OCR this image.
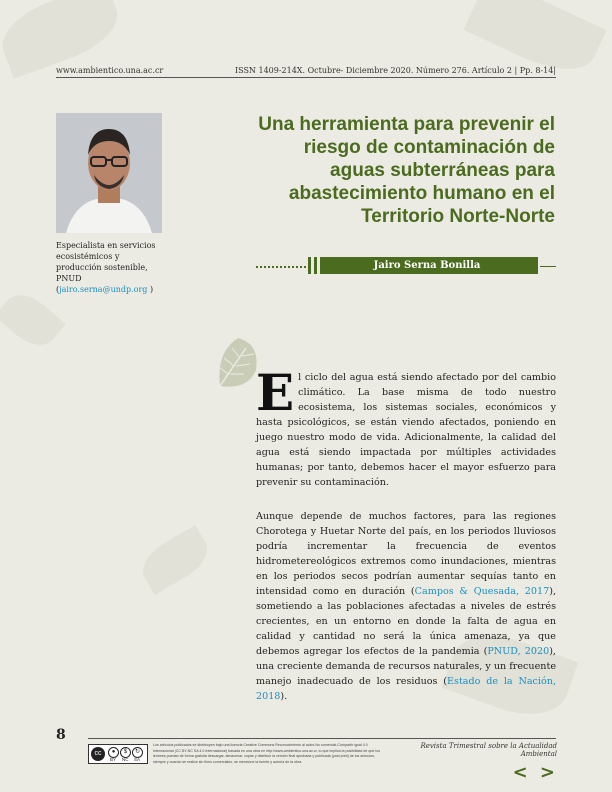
www.ambientico.una.ac.cr	ISSN 1409-214X. Octubre- Diciembre 2020. Número 276. Artículo 2 | Pp. 8-14|
Especialista en servicios ecosistémicos y producción sostenible, PNUD (jairo.serna@undp.org )
Una herramienta para prevenir el riesgo de contaminación de aguas subterráneas para abastecimiento humano en el Territorio Norte-Norte
Jairo Serna Bonilla

El ciclo del agua está siendo afectado por del cambio climático. La base misma de todo nuestro ecosistema, los sistemas sociales, económicos y hasta psicológicos, se están viendo afectados, poniendo en juego nuestro modo de vida. Adicionalmente, la calidad del agua está siendo impactada por múltiples actividades humanas; por tanto, debemos hacer el mayor esfuerzo para prevenir su contaminación.

Aunque depende de muchos factores, para las regiones Chorotega y Huetar Norte del país, en los periodos lluviosos podría incrementar la frecuencia de eventos hidrometereológicos extremos como inundaciones, mientras en los periodos secos podrían aumentar sequías tanto en intensidad como en duración (Campos & Quesada, 2017), sometiendo a las poblaciones afectadas a niveles de estrés crecientes, en un entorno en donde la falta de agua en calidad y cantidad no será la única amenaza, ya que debemos agregar los efectos de la pandemia (PNUD, 2020), una creciente demanda de recursos naturales, y un frecuente manejo inadecuado de los residuos (Estado de la Nación, 2018).

8
cc	●	$	↻
BY NC SA
Los artículos publicados se distribuyen bajo una licencia Creative Commons Reconocimiento al autor-No comercial-Compartir igual 4.0 Internacional (CC BY-NC SA 4.0 Internacional) basada en una obra en http://www.ambientico.una.ac.cr, lo que implica la posibilidad de que los lectores puedan de forma gratuita descargar, almacenar, copiar y distribuir la versión final aprobada y publicada (post print) de los artículos, siempre y cuando se realice sin fines comerciales, se mencione la fuente y autoría de la obra.
Revista Trimestral sobre la Actualidad Ambiental
< >
